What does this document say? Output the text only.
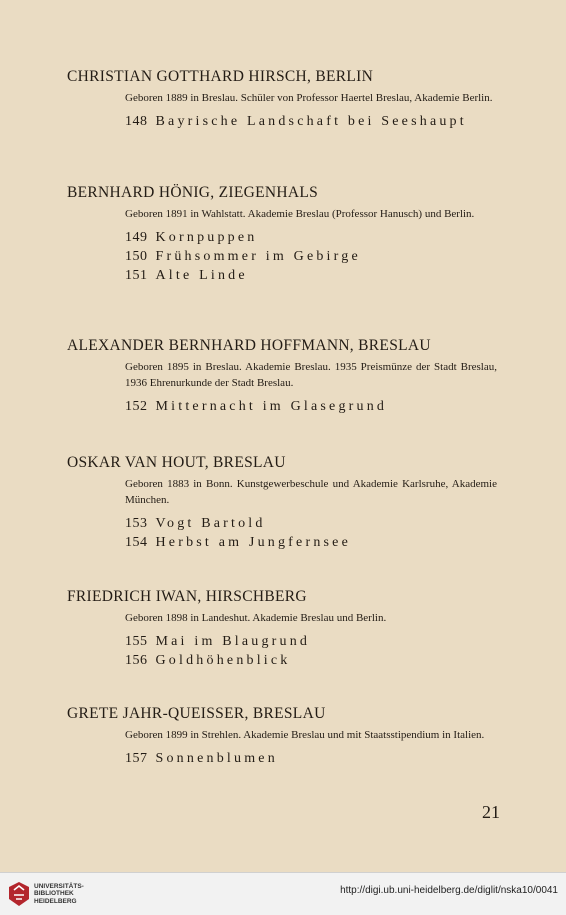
CHRISTIAN GOTTHARD HIRSCH, BERLIN

Geboren 1889 in Breslau. Schüler von Professor Haertel Breslau, Akademie Berlin.

148 Bayrische Landschaft bei Seeshaupt
BERNHARD HÖNIG, ZIEGENHALS

Geboren 1891 in Wahlstatt. Akademie Breslau (Professor Hanusch) und Berlin.

149 Kornpuppen
150 Frühsommer im Gebirge
151 Alte Linde
ALEXANDER BERNHARD HOFFMANN, BRESLAU

Geboren 1895 in Breslau. Akademie Breslau. 1935 Preismünze der Stadt Breslau, 1936 Ehrenurkunde der Stadt Breslau.

152 Mitternacht im Glasegrund
OSKAR VAN HOUT, BRESLAU

Geboren 1883 in Bonn. Kunstgewerbeschule und Akademie Karlsruhe, Akademie München.

153 Vogt Bartold
154 Herbst am Jungfernsee
FRIEDRICH IWAN, HIRSCHBERG

Geboren 1898 in Landeshut. Akademie Breslau und Berlin.

155 Mai im Blaugrund
156 Goldhöhenblick
GRETE JAHR-QUEISSER, BRESLAU

Geboren 1899 in Strehlen. Akademie Breslau und mit Staatsstipendium in Italien.

157 Sonnenblumen
21
UNIVERSITÄTS-
BIBLIOTHEK
HEIDELBERG
http://digi.ub.uni-heidelberg.de/diglit/nska10/0041
